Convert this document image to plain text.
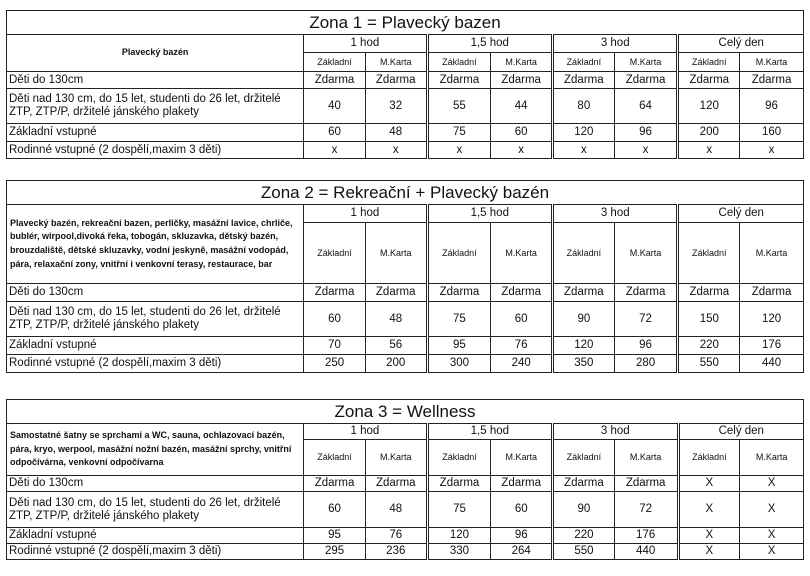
Zona 1 = Plavecký bazen								
Plavecký bazén	1 hod		1,5 hod		3 hod		Celý den	
	Základní	M.Karta	Základní	M.Karta	Základní	M.Karta	Základní	M.Karta
Děti do 130cm	Zdarma	Zdarma	Zdarma	Zdarma	Zdarma	Zdarma	Zdarma	Zdarma
Děti nad 130 cm, do 15 let, studenti do 26 let, držitelé ZTP, ZTP/P, držitelé jánského plakety	40	32	55	44	80	64	120	96
Základní vstupné	60	48	75	60	120	96	200	160
Rodinné vstupné (2 dospělí,maxim 3 děti)	x	x	x	x	x	x	x	x
Zona 2 = Rekreační + Plavecký bazén								
Plavecký bazén, rekreační bazen, perličky, masážní lavice, chrliče, bublér, wirpool,divoká řeka, tobogán, skluzavka, dětský bazén, brouzdaliště, dětské skluzavky, vodní jeskyně, masážní vodopád, pára, relaxační zony, vnitřní i venkovní terasy, restaurace, bar	1 hod		1,5 hod		3 hod		Celý den	
	Základní	M.Karta	Základní	M.Karta	Základní	M.Karta	Základní	M.Karta
Děti do 130cm	Zdarma	Zdarma	Zdarma	Zdarma	Zdarma	Zdarma	Zdarma	Zdarma
Děti nad 130 cm, do 15 let, studenti do 26 let, držitelé ZTP, ZTP/P, držitelé jánského plakety	60	48	75	60	90	72	150	120
Základní vstupné	70	56	95	76	120	96	220	176
Rodinné vstupné (2 dospělí,maxim 3 děti)	250	200	300	240	350	280	550	440
Zona 3 = Wellness								
Samostatné šatny se sprchami a WC, sauna, ochlazovací bazén, pára, kryo, werpool, masážní nožní bazén, masážní sprchy, vnitřní odpočívárna, venkovní odpočívarna	1 hod		1,5 hod		3 hod		Celý den	
	Základní	M.Karta	Základní	M.Karta	Základní	M.Karta	Základní	M.Karta
Děti do 130cm	Zdarma	Zdarma	Zdarma	Zdarma	Zdarma	Zdarma	X	X
Děti nad 130 cm, do 15 let, studenti do 26 let, držitelé ZTP, ZTP/P, držitelé jánského plakety	60	48	75	60	90	72	X	X
Základní vstupné	95	76	120	96	220	176	X	X
Rodinné vstupné (2 dospělí,maxim 3 děti)	295	236	330	264	550	440	X	X
